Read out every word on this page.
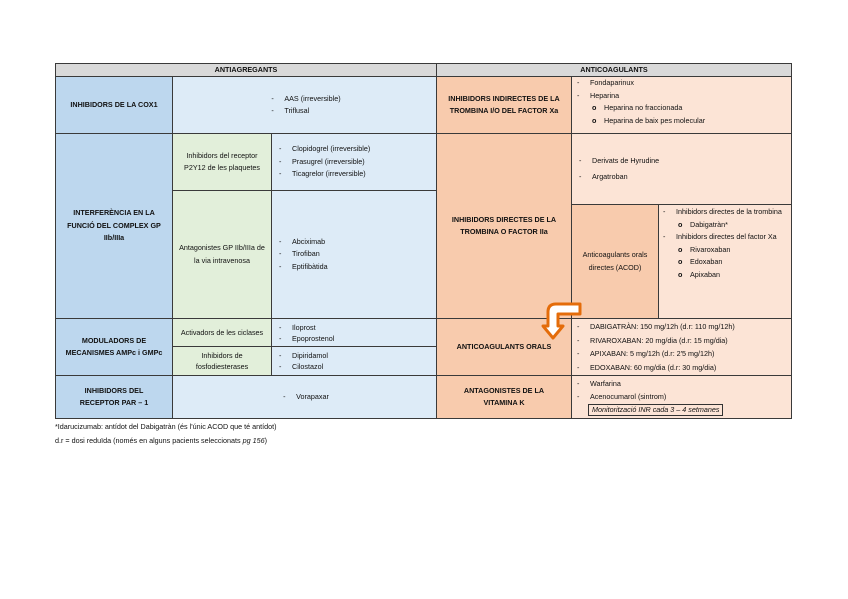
ANTIAGREGANTS	ANTICOAGULANTS
INHIBIDORS DE LA COX1
- AAS (irreversible)
- Triflusal
INTERFERÈNCIA EN LA FUNCIÓ DEL COMPLEX GP IIb/IIIa
Inhibidors del receptor P2Y12 de les plaquetes
- Clopidogrel (irreversible)
- Prasugrel (irreversible)
- Ticagrelor (irreversible)
Antagonistes GP IIb/IIIa de la via intravenosa
- Abciximab
- Tirofiban
- Eptifibàtida
MODULADORS DE MECANISMES AMPc i GMPc
Activadors de les ciclases
- Iloprost
- Epoprostenol
Inhibidors de fosfodiesterases
- Dipiridamol
- Cilostazol
INHIBIDORS DEL RECEPTOR PAR – 1
- Vorapaxar
INHIBIDORS INDIRECTES DE LA TROMBINA I/O DEL FACTOR Xa
- Fondaparinux
- Heparina
o Heparina no fraccionada
o Heparina de baix pes molecular
INHIBIDORS DIRECTES DE LA TROMBINA O FACTOR IIa
- Derivats de Hyrudine
- Argatroban
Anticoagulants orals directes (ACOD)
- Inhibidors directes de la trombina
o Dabigatràn*
- Inhibidors directes del factor Xa
o Rivaroxaban
o Edoxaban
o Apixaban
ANTICOAGULANTS ORALS
- DABIGATRÀN: 150 mg/12h (d.r: 110 mg/12h)
- RIVAROXABAN: 20 mg/dia (d.r: 15 mg/dia)
- APIXABAN: 5 mg/12h (d.r: 2'5 mg/12h)
- EDOXABAN: 60 mg/dia (d.r: 30 mg/dia)
ANTAGONISTES DE LA VITAMINA K
- Warfarina
- Acenocumarol (sintrom)
Monitorització INR cada 3 – 4 setmanes
*Idarucizumab: antídot del Dabigatràn (és l'únic ACOD que té antídot)
d.r = dosi reduïda (només en alguns pacients seleccionats pg 156)
